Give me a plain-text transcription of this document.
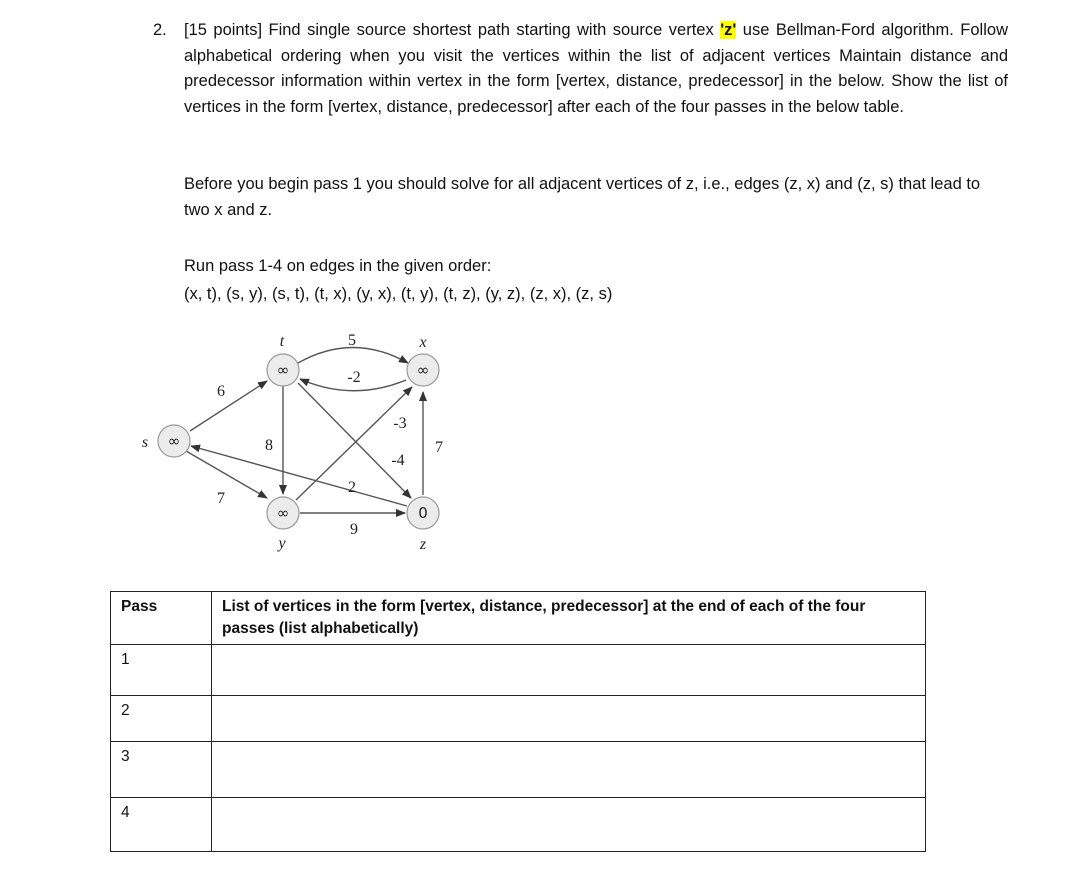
2. [15 points] Find single source shortest path starting with source vertex 'z' use Bellman-Ford algorithm. Follow alphabetical ordering when you visit the vertices within the list of adjacent vertices Maintain distance and predecessor information within vertex in the form [vertex, distance, predecessor] in the below. Show the list of vertices in the form [vertex, distance, predecessor] after each of the four passes in the below table.
Before you begin pass 1 you should solve for all adjacent vertices of z, i.e., edges (z, x) and (z, s) that lead to two x and z.
Run pass 1-4 on edges in the given order:
(x, t), (s, y), (s, t), (t, x), (y, x), (t, y), (t, z), (y, z), (z, x), (z, s)
∞
∞	∞
∞	0
s
t	x
y	z
6
7
5
-2
8
-4
-3
9
7
2
Pass	List of vertices in the form [vertex, distance, predecessor] at the end of each of the four passes (list alphabetically)
1	
2	
3	
4	
